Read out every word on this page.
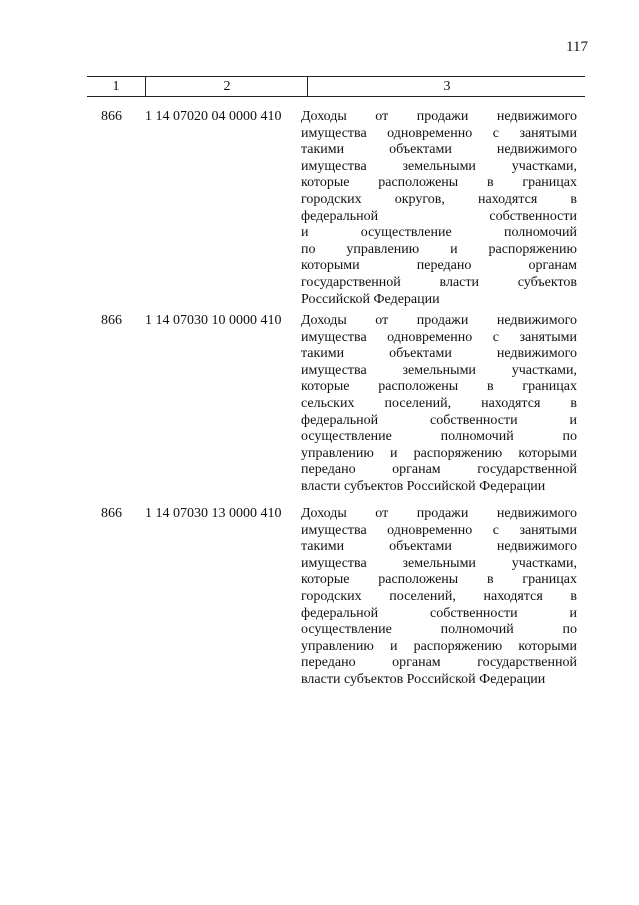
117
1	2	3
866	1 14 07020 04 0000 410	Доходы от продажи недвижимого
имущества одновременно с занятыми
такими объектами недвижимого
имущества земельными участками,
которые расположены в границах
городских округов, находятся в
федеральной собственности
и осуществление полномочий
по управлению и распоряжению
которыми передано органам
государственной власти субъектов
Российской Федерации
866	1 14 07030 10 0000 410	Доходы от продажи недвижимого
имущества одновременно с занятыми
такими объектами недвижимого
имущества земельными участками,
которые расположены в границах
сельских поселений, находятся в
федеральной собственности и
осуществление полномочий по
управлению и распоряжению которыми
передано органам государственной
власти субъектов Российской Федерации
866	1 14 07030 13 0000 410	Доходы от продажи недвижимого
имущества одновременно с занятыми
такими объектами недвижимого
имущества земельными участками,
которые расположены в границах
городских поселений, находятся в
федеральной собственности и
осуществление полномочий по
управлению и распоряжению которыми
передано органам государственной
власти субъектов Российской Федерации
